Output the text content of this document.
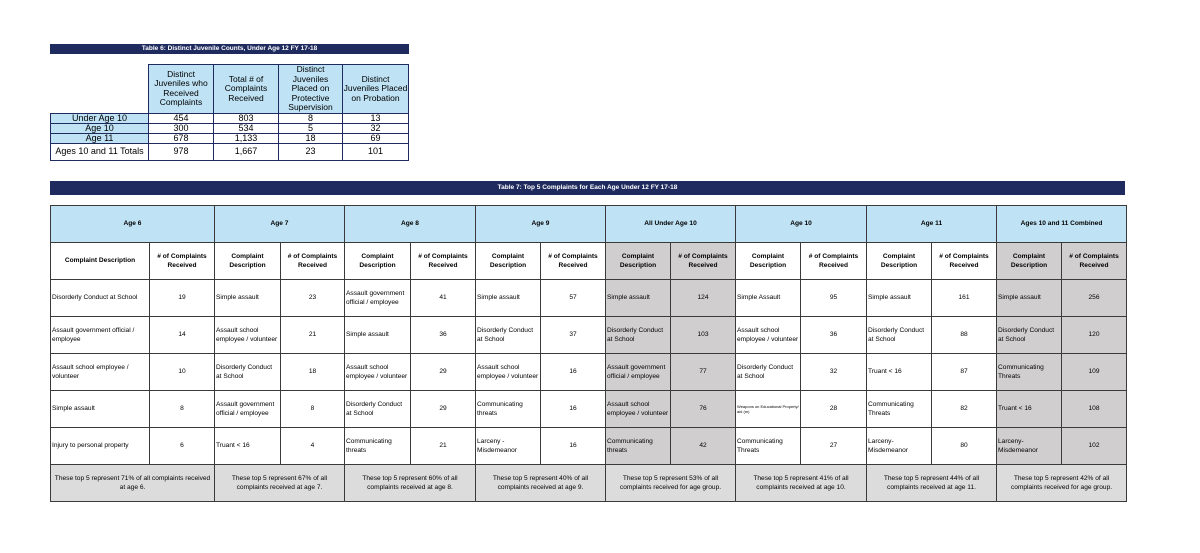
Table 6: Distinct Juvenile Counts, Under Age 12 FY 17-18
	Distinct Juveniles who Received Complaints	Total # of Complaints Received	Distinct Juveniles Placed on Protective Supervision	Distinct Juveniles Placed on Probation
Under Age 10	454	803	8	13
Age 10	300	534	5	32
Age 11	678	1,133	18	69
Ages 10 and 11 Totals	978	1,667	23	101
Table 7: Top 5 Complaints for Each Age Under 12 FY 17-18
Age 6		Age 7		Age 8		Age 9		All Under Age 10		Age 10		Age 11		Ages 10 and 11 Combined	
Complaint Description	# of Complaints Received	Complaint Description	# of Complaints Received	Complaint Description	# of Complaints Received	Complaint Description	# of Complaints Received	Complaint Description	# of Complaints Received	Complaint Description	# of Complaints Received	Complaint Description	# of Complaints Received	Complaint Description	# of Complaints Received
Disorderly Conduct at School	19	Simple assault	23	Assault government official / employee	41	Simple assault	57	Simple assault	124	Simple Assault	95	Simple assault	161	Simple assault	256
Assault government official / employee	14	Assault school employee / volunteer	21	Simple assault	36	Disorderly Conduct at School	37	Disorderly Conduct at School	103	Assault school employee / volunteer	36	Disorderly Conduct at School	88	Disorderly Conduct at School	120
Assault school employee / volunteer	10	Disorderly Conduct at School	18	Assault school employee / volunteer	29	Assault school employee / volunteer	16	Assault government official / employee	77	Disorderly Conduct at School	32	Truant < 16	87	Communicating Threats	109
Simple assault	8	Assault government official / employee	8	Disorderly Conduct at School	29	Communicating threats	16	Assault school employee / volunteer	76	Weapons on Educational Property/ aid (m)	28	Communicating Threats	82	Truant < 16	108
Injury to personal property	6	Truant < 16	4	Communicating threats	21	Larceny - Misdemeanor	16	Communicating threats	42	Communicating Threats	27	Larceny-Misdemeanor	80	Larceny-Misdemeanor	102
These top 5 represent 71% of all complaints received at age 6.		These top 5 represent 67% of all complaints received at age 7.		These top 5 represent 60% of all complaints received at age 8.		These top 5 represent 40% of all complaints received at age 9.		These top 5 represent 53% of all complaints received for age group.		These top 5 represent 41% of all complaints received at age 10.		These top 5 represent 44% of all complaints received at age 11.		These top 5 represent 42% of all complaints received for age group.	
